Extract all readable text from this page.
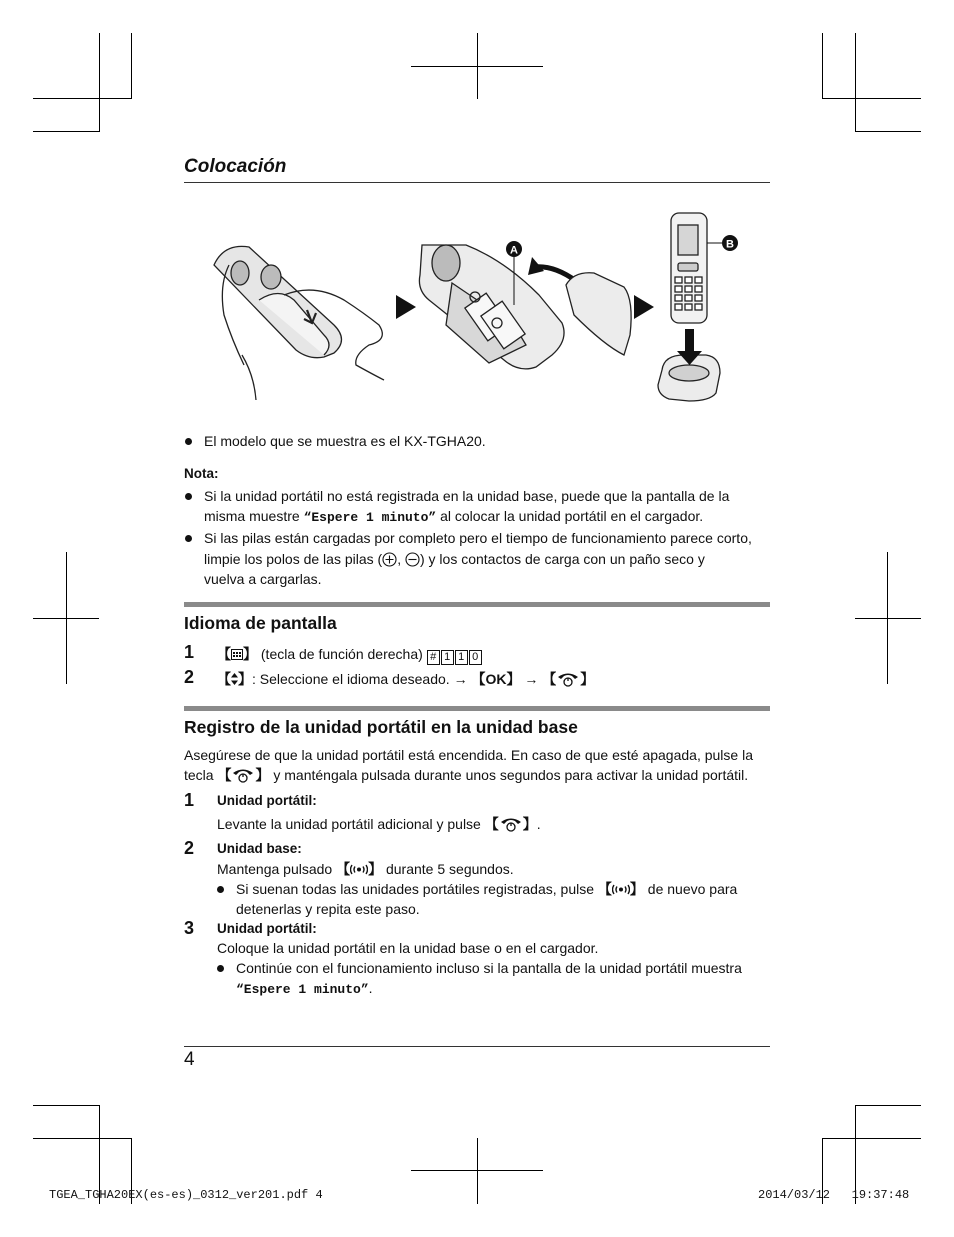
Colocación
A	B
El modelo que se muestra es el KX-TGHA20.
Nota:
Si la unidad portátil no está registrada en la unidad base, puede que la pantalla de la
misma muestre “Espere 1 minuto” al colocar la unidad portátil en el cargador.
Si las pilas están cargadas por completo pero el tiempo de funcionamiento parece corto,
limpie los polos de las pilas ( , ) y los contactos de carga con un paño seco y
vuelva a cargarlas.
Idioma de pantalla
1 【 】 (tecla de función derecha) # 1 1 0
2 【 】: Seleccione el idioma deseado. → 【OK】 → 【 】
Registro de la unidad portátil en la unidad base
Asegúrese de que la unidad portátil está encendida. En caso de que esté apagada, pulse la
tecla 【 】 y manténgala pulsada durante unos segundos para activar la unidad portátil.
1 Unidad portátil:
Levante la unidad portátil adicional y pulse 【 】.
2 Unidad base:
Mantenga pulsado 【 】 durante 5 segundos.
Si suenan todas las unidades portátiles registradas, pulse 【 】 de nuevo para
detenerlas y repita este paso.
3 Unidad portátil:
Coloque la unidad portátil en la unidad base o en el cargador.
Continúe con el funcionamiento incluso si la pantalla de la unidad portátil muestra
“Espere 1 minuto”.
4
TGEA_TGHA20EX(es-es)_0312_ver201.pdf 4	2014/03/12   19:37:48
